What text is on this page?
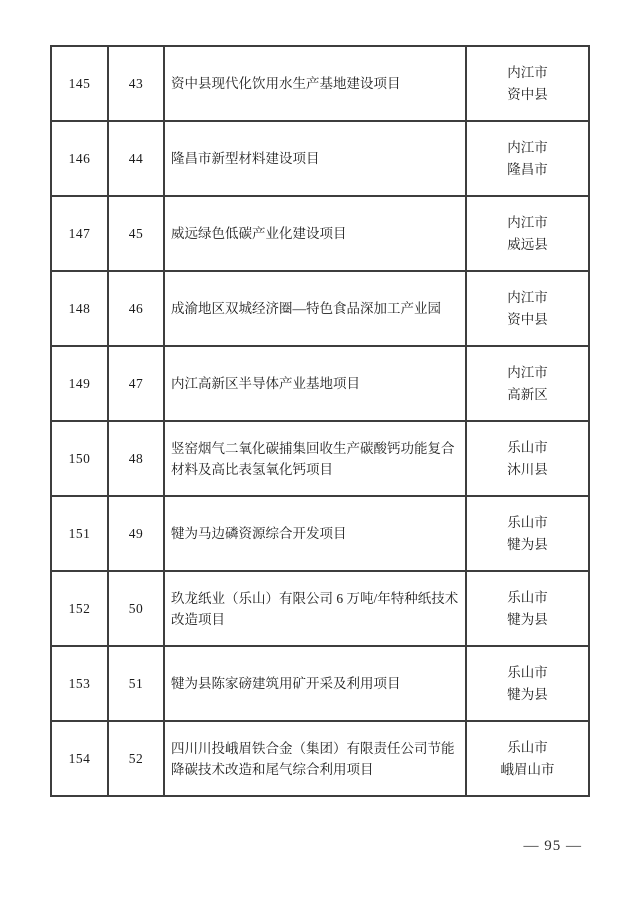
145	43	资中县现代化饮用水生产基地建设项目	内江市
资中县

146	44	隆昌市新型材料建设项目	内江市
隆昌市

147	45	威远绿色低碳产业化建设项目	内江市
威远县

148	46	成渝地区双城经济圈—特色食品深加工产业园	内江市
资中县

149	47	内江高新区半导体产业基地项目	内江市
高新区

150	48	竖窑烟气二氧化碳捕集回收生产碳酸钙功能复合材料及高比表氢氧化钙项目	乐山市
沐川县

151	49	犍为马边磷资源综合开发项目	乐山市
犍为县

152	50	玖龙纸业（乐山）有限公司 6 万吨/年特种纸技术改造项目	乐山市
犍为县

153	51	犍为县陈家磅建筑用矿开采及利用项目	乐山市
犍为县

154	52	四川川投峨眉铁合金（集团）有限责任公司节能降碳技术改造和尾气综合利用项目	乐山市
峨眉山市
— 95 —
